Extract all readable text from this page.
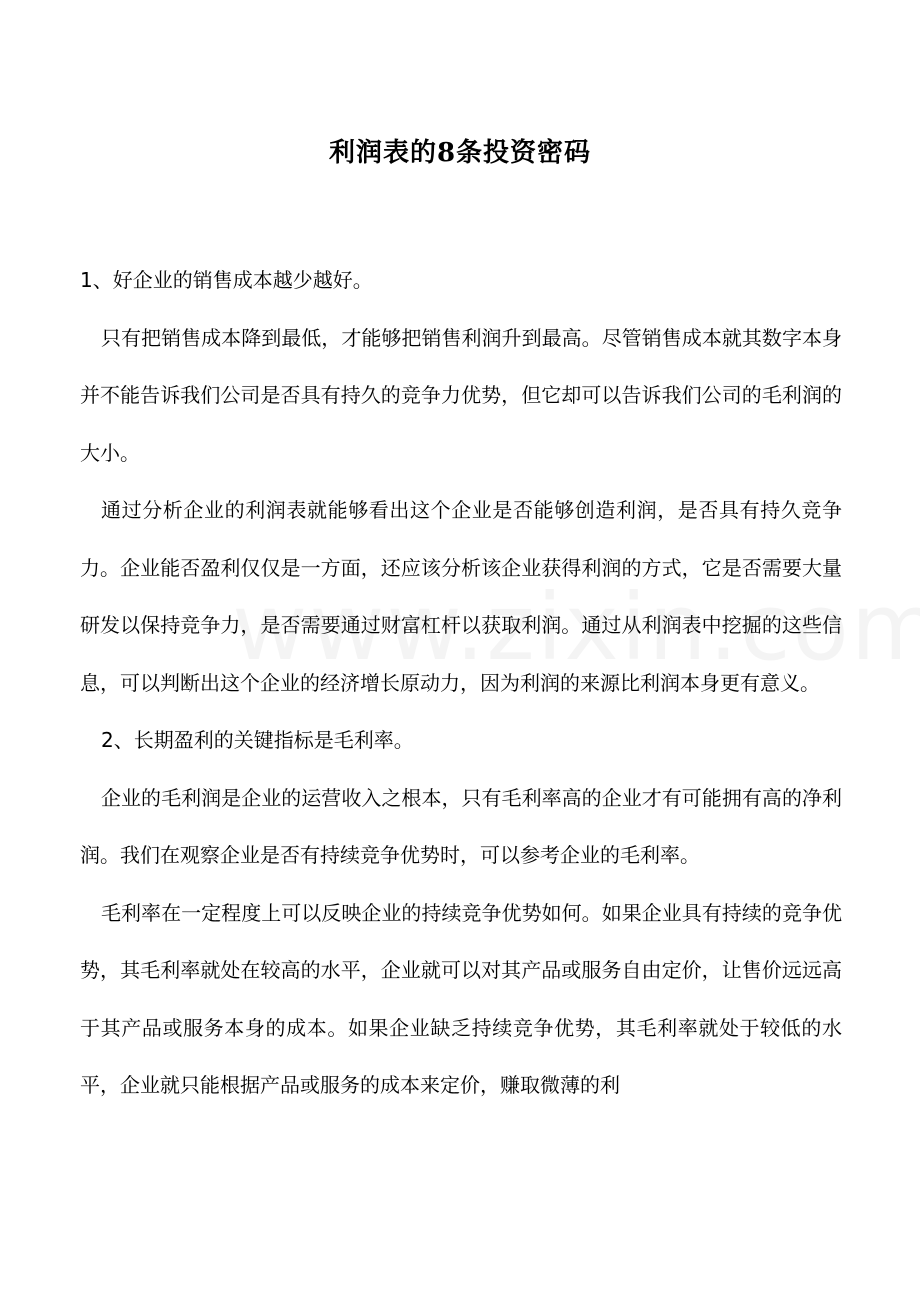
利润表的8条投资密码

1、好企业的销售成本越少越好。

只有把销售成本降到最低，才能够把销售利润升到最高。尽管销售成本就其数字本身并不能告诉我们公司是否具有持久的竞争力优势，但它却可以告诉我们公司的毛利润的大小。

通过分析企业的利润表就能够看出这个企业是否能够创造利润，是否具有持久竞争力。企业能否盈利仅仅是一方面，还应该分析该企业获得利润的方式，它是否需要大量研发以保持竞争力，是否需要通过财富杠杆以获取利润。通过从利润表中挖掘的这些信息，可以判断出这个企业的经济增长原动力，因为利润的来源比利润本身更有意义。

2、长期盈利的关键指标是毛利率。

企业的毛利润是企业的运营收入之根本，只有毛利率高的企业才有可能拥有高的净利润。我们在观察企业是否有持续竞争优势时，可以参考企业的毛利率。

毛利率在一定程度上可以反映企业的持续竞争优势如何。如果企业具有持续的竞争优势，其毛利率就处在较高的水平，企业就可以对其产品或服务自由定价，让售价远远高于其产品或服务本身的成本。如果企业缺乏持续竞争优势，其毛利率就处于较低的水平，企业就只能根据产品或服务的成本来定价，赚取微薄的利
